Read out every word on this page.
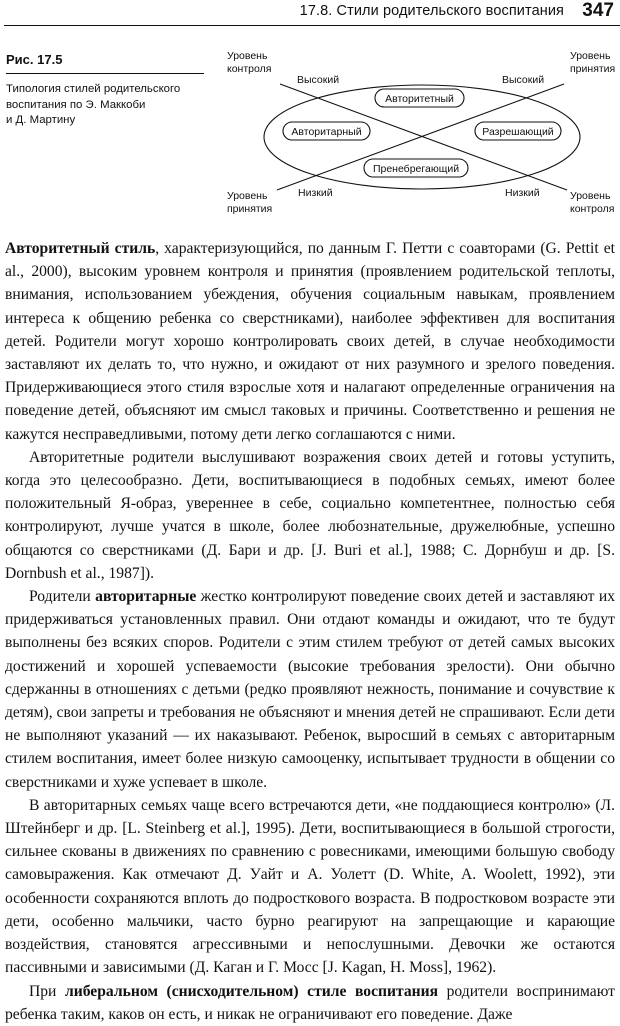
17.8. Стили родительского воспитания 347
Рис. 17.5
Типология стилей родительского
воспитания по Э. Маккоби
и Д. Мартину
Авторитетный
Авторитарный	Разрешающий
Пренебрегающий
Уровень контроля
Уровень принятия
Уровень принятия
Уровень контроля
Высокий	Высокий
Низкий	Низкий

Авторитетный стиль, характеризующийся, по данным Г. Петти с соавторами (G. Pettit et al., 2000), высоким уровнем контроля и принятия (проявлением родительской теплоты, внимания, использованием убеждения, обучения социальным навыкам, проявлением интереса к общению ребенка со сверстниками), наиболее эффективен для воспитания детей. Родители могут хорошо контролировать своих детей, в случае необходимости заставляют их делать то, что нужно, и ожидают от них разумного и зрелого поведения. Придерживающиеся этого стиля взрослые хотя и налагают определенные ограничения на поведение детей, объясняют им смысл таковых и причины. Соответственно и решения не кажутся несправедливыми, потому дети легко соглашаются с ними.

Авторитетные родители выслушивают возражения своих детей и готовы уступить, когда это целесообразно. Дети, воспитывающиеся в подобных семьях, имеют более положительный Я-образ, увереннее в себе, социально компетентнее, полностью себя контролируют, лучше учатся в школе, более любознательные, дружелюбные, успешно общаются со сверстниками (Д. Бари и др. [J. Buri et al.], 1988; С. Дорнбуш и др. [S. Dornbush et al., 1987]).

Родители авторитарные жестко контролируют поведение своих детей и заставляют их придерживаться установленных правил. Они отдают команды и ожидают, что те будут выполнены без всяких споров. Родители с этим стилем требуют от детей самых высоких достижений и хорошей успеваемости (высокие требования зрелости). Они обычно сдержанны в отношениях с детьми (редко проявляют нежность, понимание и сочувствие к детям), свои запреты и требования не объясняют и мнения детей не спрашивают. Если дети не выполняют указаний — их наказывают. Ребенок, выросший в семьях с авторитарным стилем воспитания, имеет более низкую самооценку, испытывает трудности в общении со сверстниками и хуже успевает в школе.

В авторитарных семьях чаще всего встречаются дети, «не поддающиеся контролю» (Л. Штейнберг и др. [L. Steinberg et al.], 1995). Дети, воспитывающиеся в большой строгости, сильнее скованы в движениях по сравнению с ровесниками, имеющими большую свободу самовыражения. Как отмечают Д. Уайт и А. Уолетт (D. White, A. Woolett, 1992), эти особенности сохраняются вплоть до подросткового возраста. В подростковом возрасте эти дети, особенно мальчики, часто бурно реагируют на запрещающие и карающие воздействия, становятся агрессивными и непослушными. Девочки же остаются пассивными и зависимыми (Д. Каган и Г. Мосс [J. Kagan, H. Moss], 1962).

При либеральном (снисходительном) стиле воспитания родители воспринимают ребенка таким, каков он есть, и никак не ограничивают его поведение. Даже
